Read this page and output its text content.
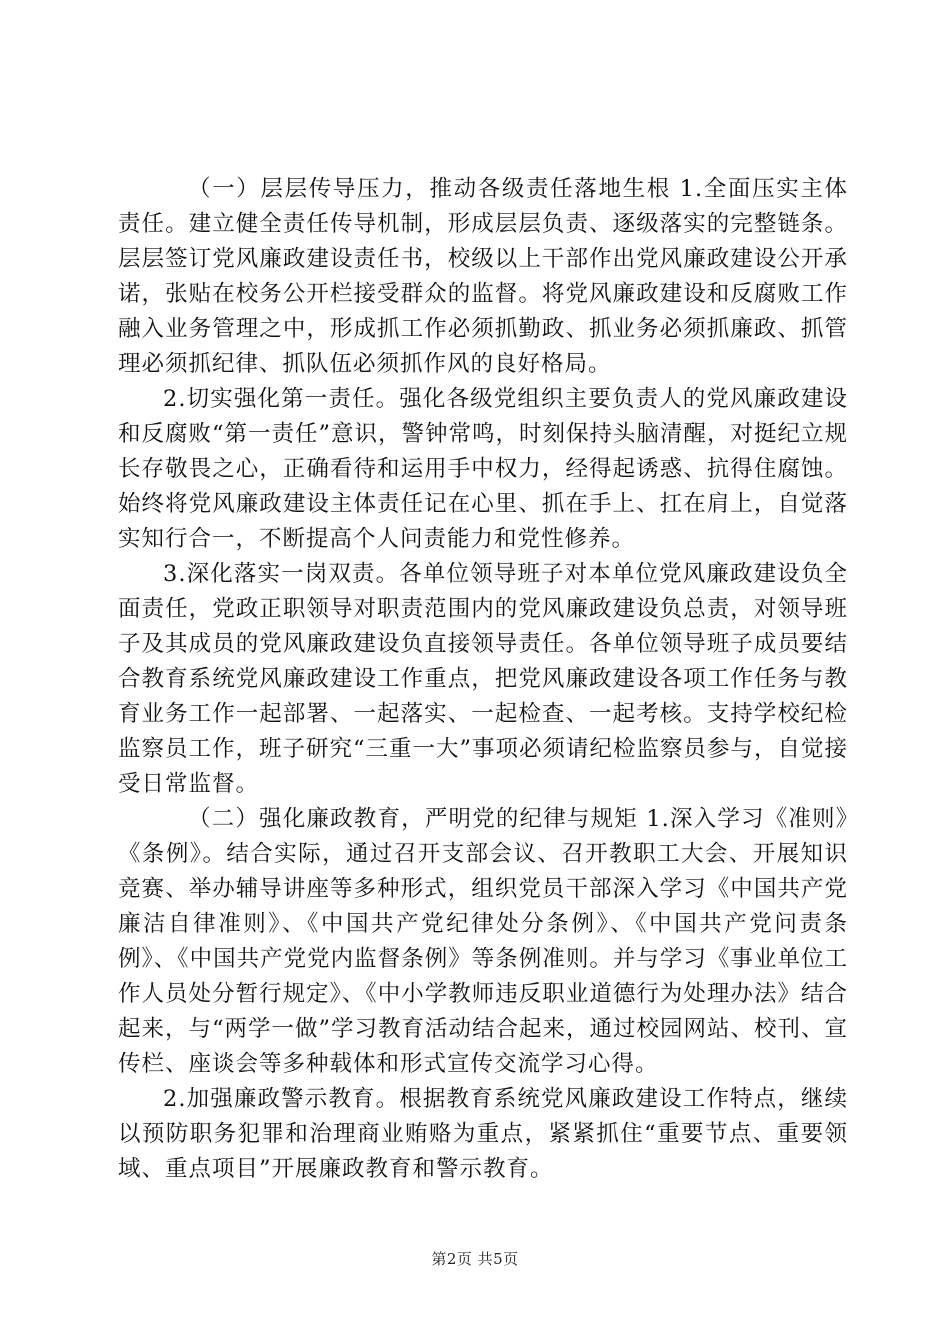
（一）层层传导压力，推动各级责任落地生根 1.全面压实主体责任。建立健全责任传导机制，形成层层负责、逐级落实的完整链条。层层签订党风廉政建设责任书，校级以上干部作出党风廉政建设公开承诺，张贴在校务公开栏接受群众的监督。将党风廉政建设和反腐败工作融入业务管理之中，形成抓工作必须抓勤政、抓业务必须抓廉政、抓管理必须抓纪律、抓队伍必须抓作风的良好格局。

2.切实强化第一责任。强化各级党组织主要负责人的党风廉政建设和反腐败“第一责任”意识，警钟常鸣，时刻保持头脑清醒，对挺纪立规长存敬畏之心，正确看待和运用手中权力，经得起诱惑、抗得住腐蚀。始终将党风廉政建设主体责任记在心里、抓在手上、扛在肩上，自觉落实知行合一，不断提高个人问责能力和党性修养。

3.深化落实一岗双责。各单位领导班子对本单位党风廉政建设负全面责任，党政正职领导对职责范围内的党风廉政建设负总责，对领导班子及其成员的党风廉政建设负直接领导责任。各单位领导班子成员要结合教育系统党风廉政建设工作重点，把党风廉政建设各项工作任务与教育业务工作一起部署、一起落实、一起检查、一起考核。支持学校纪检监察员工作，班子研究“三重一大”事项必须请纪检监察员参与，自觉接受日常监督。

（二）强化廉政教育，严明党的纪律与规矩 1.深入学习《准则》《条例》。结合实际，通过召开支部会议、召开教职工大会、开展知识竞赛、举办辅导讲座等多种形式，组织党员干部深入学习《中国共产党廉洁自律准则》、《中国共产党纪律处分条例》、《中国共产党问责条例》、《中国共产党党内监督条例》等条例准则。并与学习《事业单位工作人员处分暂行规定》、《中小学教师违反职业道德行为处理办法》结合起来，与“两学一做”学习教育活动结合起来，通过校园网站、校刊、宣传栏、座谈会等多种载体和形式宣传交流学习心得。

2.加强廉政警示教育。根据教育系统党风廉政建设工作特点，继续以预防职务犯罪和治理商业贿赂为重点，紧紧抓住“重要节点、重要领域、重点项目”开展廉政教育和警示教育。

第2页 共5页
